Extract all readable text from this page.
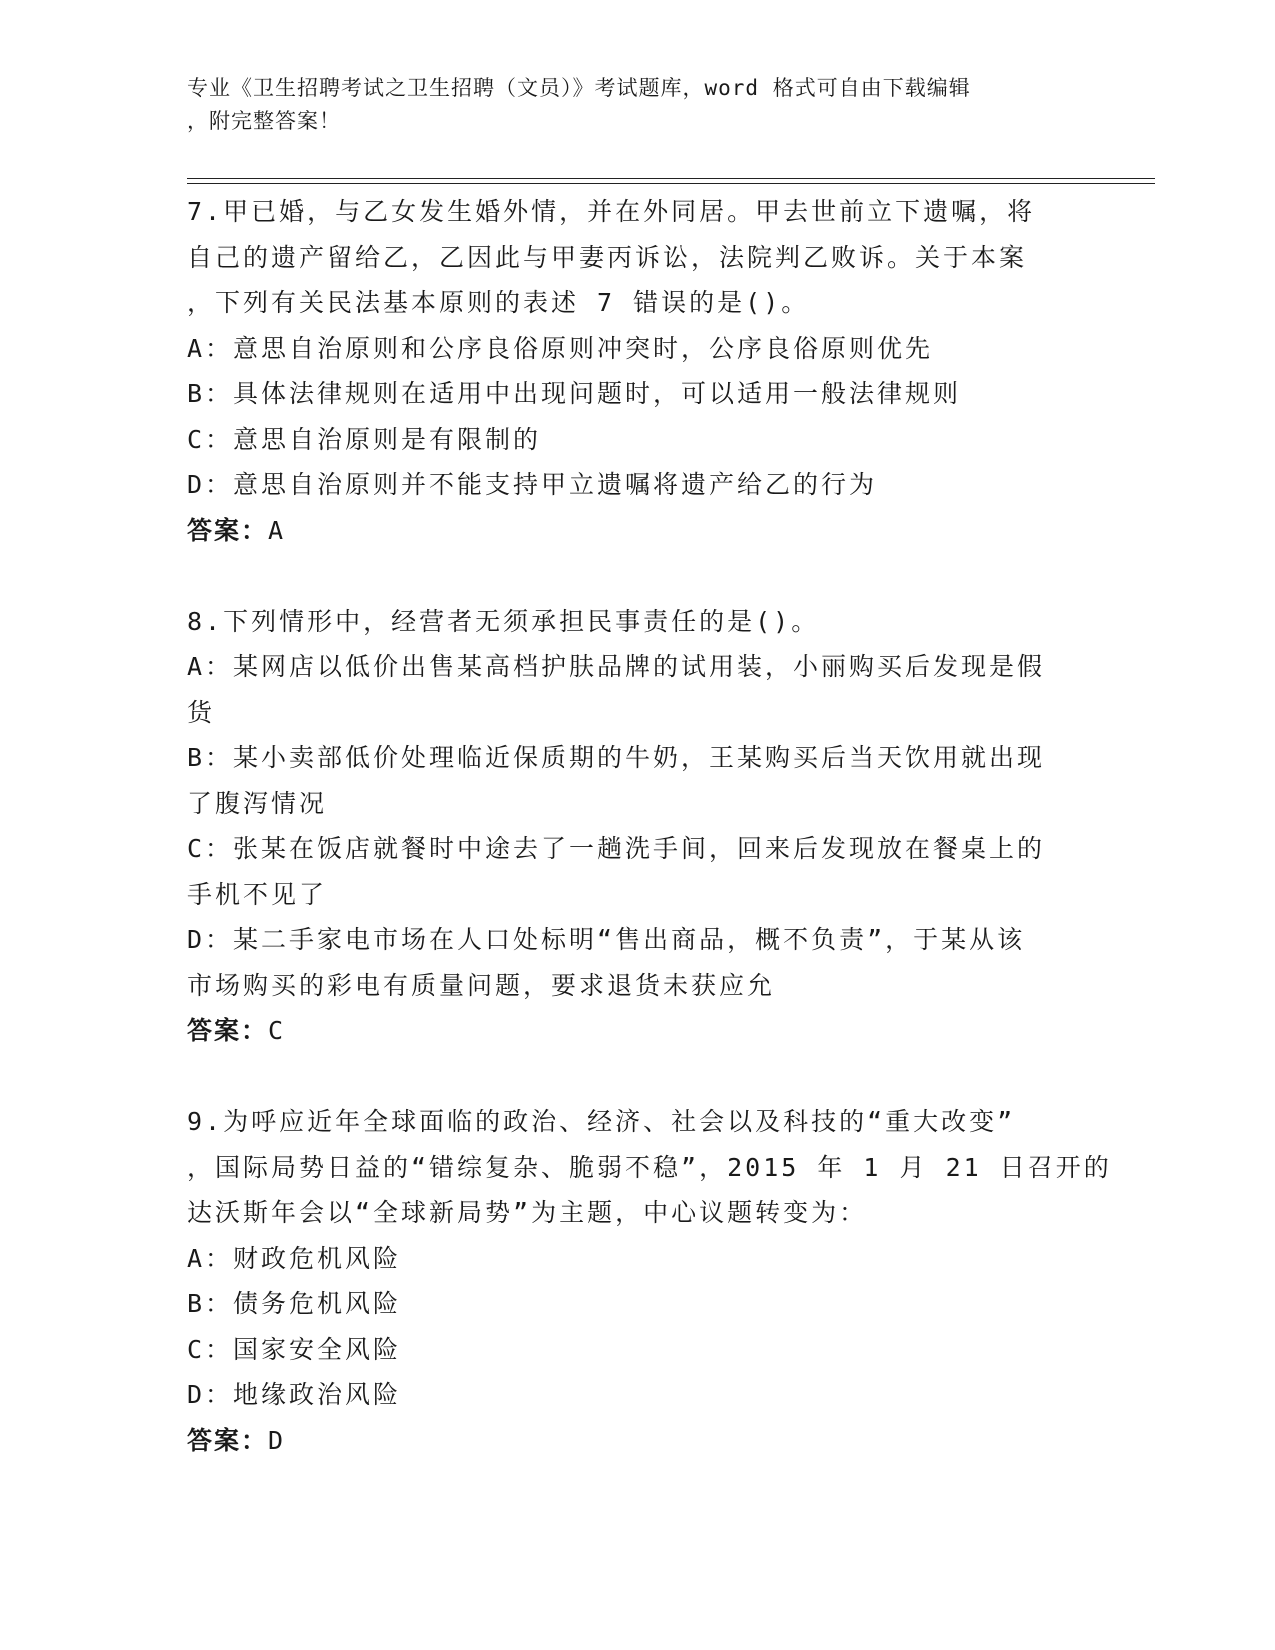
专业《卫生招聘考试之卫生招聘（文员）》考试题库，word 格式可自由下载编辑
，附完整答案！
7.甲已婚，与乙女发生婚外情，并在外同居。甲去世前立下遗嘱，将
自己的遗产留给乙，乙因此与甲妻丙诉讼，法院判乙败诉。关于本案
，下列有关民法基本原则的表述 7 错误的是()。
A：意思自治原则和公序良俗原则冲突时，公序良俗原则优先
B：具体法律规则在适用中出现问题时，可以适用一般法律规则
C：意思自治原则是有限制的
D：意思自治原则并不能支持甲立遗嘱将遗产给乙的行为
答案：A
8.下列情形中，经营者无须承担民事责任的是()。
A：某网店以低价出售某高档护肤品牌的试用装，小丽购买后发现是假
货
B：某小卖部低价处理临近保质期的牛奶，王某购买后当天饮用就出现
了腹泻情况
C：张某在饭店就餐时中途去了一趟洗手间，回来后发现放在餐桌上的
手机不见了
D：某二手家电市场在人口处标明“售出商品，概不负责”，于某从该
市场购买的彩电有质量问题，要求退货未获应允
答案：C
9.为呼应近年全球面临的政治、经济、社会以及科技的“重大改变”
，国际局势日益的“错综复杂、脆弱不稳”，2015 年 1 月 21 日召开的
达沃斯年会以“全球新局势”为主题，中心议题转变为：
A：财政危机风险
B：债务危机风险
C：国家安全风险
D：地缘政治风险
答案：D
